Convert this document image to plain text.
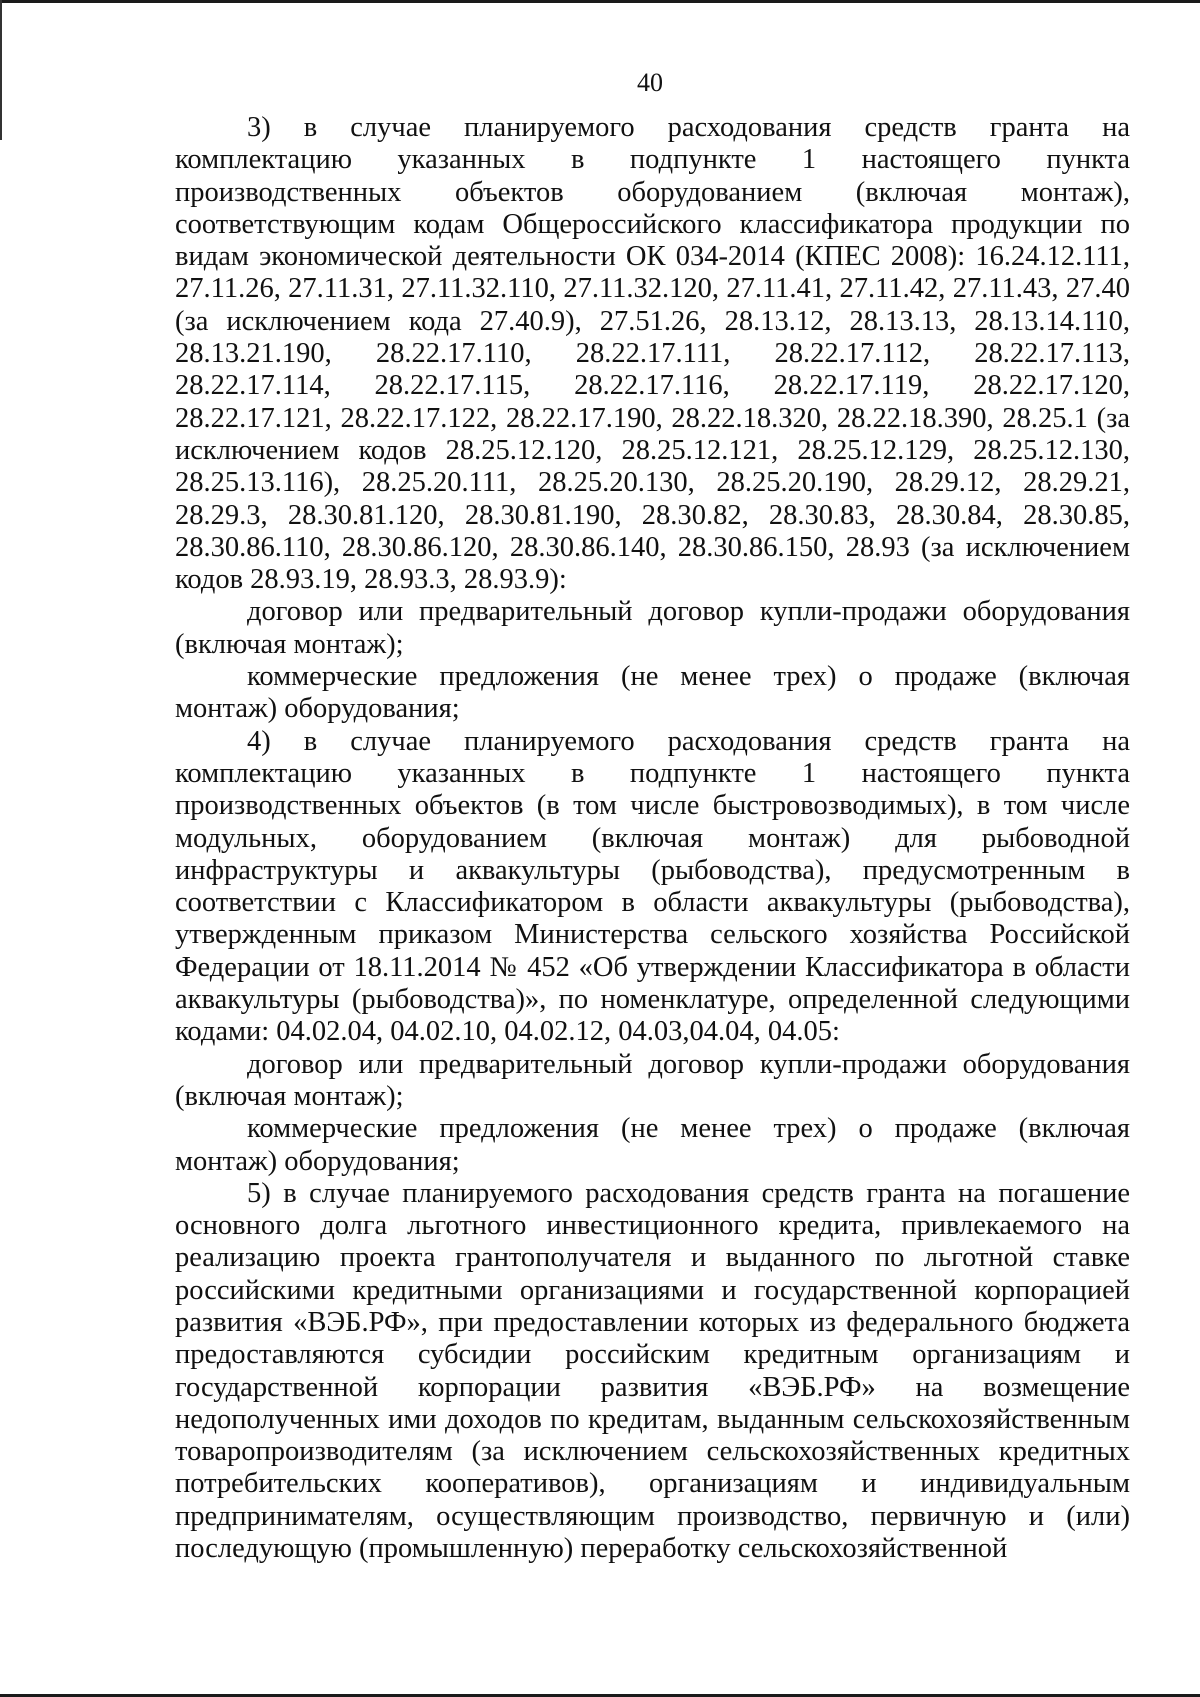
40

3) в случае планируемого расходования средств гранта на комплектацию указанных в подпункте 1 настоящего пункта производственных объектов оборудованием (включая монтаж), соответствующим кодам Общероссийского классификатора продукции по видам экономической деятельности ОК 034-2014 (КПЕС 2008): 16.24.12.111, 27.11.26, 27.11.31, 27.11.32.110, 27.11.32.120, 27.11.41, 27.11.42, 27.11.43, 27.40 (за исключением кода 27.40.9), 27.51.26, 28.13.12, 28.13.13, 28.13.14.110, 28.13.21.190, 28.22.17.110, 28.22.17.111, 28.22.17.112, 28.22.17.113, 28.22.17.114, 28.22.17.115, 28.22.17.116, 28.22.17.119, 28.22.17.120, 28.22.17.121, 28.22.17.122, 28.22.17.190, 28.22.18.320, 28.22.18.390, 28.25.1 (за исключением кодов 28.25.12.120, 28.25.12.121, 28.25.12.129, 28.25.12.130, 28.25.13.116), 28.25.20.111, 28.25.20.130, 28.25.20.190, 28.29.12, 28.29.21, 28.29.3, 28.30.81.120, 28.30.81.190, 28.30.82, 28.30.83, 28.30.84, 28.30.85, 28.30.86.110, 28.30.86.120, 28.30.86.140, 28.30.86.150, 28.93 (за исключением кодов 28.93.19, 28.93.3, 28.93.9):

договор или предварительный договор купли-продажи оборудования (включая монтаж);

коммерческие предложения (не менее трех) о продаже (включая монтаж) оборудования;

4) в случае планируемого расходования средств гранта на комплектацию указанных в подпункте 1 настоящего пункта производственных объектов (в том числе быстровозводимых), в том числе модульных, оборудованием (включая монтаж) для рыбоводной инфраструктуры и аквакультуры (рыбоводства), предусмотренным в соответствии с Классификатором в области аквакультуры (рыбоводства), утвержденным приказом Министерства сельского хозяйства Российской Федерации от 18.11.2014 № 452 «Об утверждении Классификатора в области аквакультуры (рыбоводства)», по номенклатуре, определенной следующими кодами: 04.02.04, 04.02.10, 04.02.12, 04.03,04.04, 04.05:

договор или предварительный договор купли-продажи оборудования (включая монтаж);

коммерческие предложения (не менее трех) о продаже (включая монтаж) оборудования;

5) в случае планируемого расходования средств гранта на погашение основного долга льготного инвестиционного кредита, привлекаемого на реализацию проекта грантополучателя и выданного по льготной ставке российскими кредитными организациями и государственной корпорацией развития «ВЭБ.РФ», при предоставлении которых из федерального бюджета предоставляются субсидии российским кредитным организациям и государственной корпорации развития «ВЭБ.РФ» на возмещение недополученных ими доходов по кредитам, выданным сельскохозяйственным товаропроизводителям (за исключением сельскохозяйственных кредитных потребительских кооперативов), организациям и индивидуальным предпринимателям, осуществляющим производство, первичную и (или) последующую (промышленную) переработку сельскохозяйственной
